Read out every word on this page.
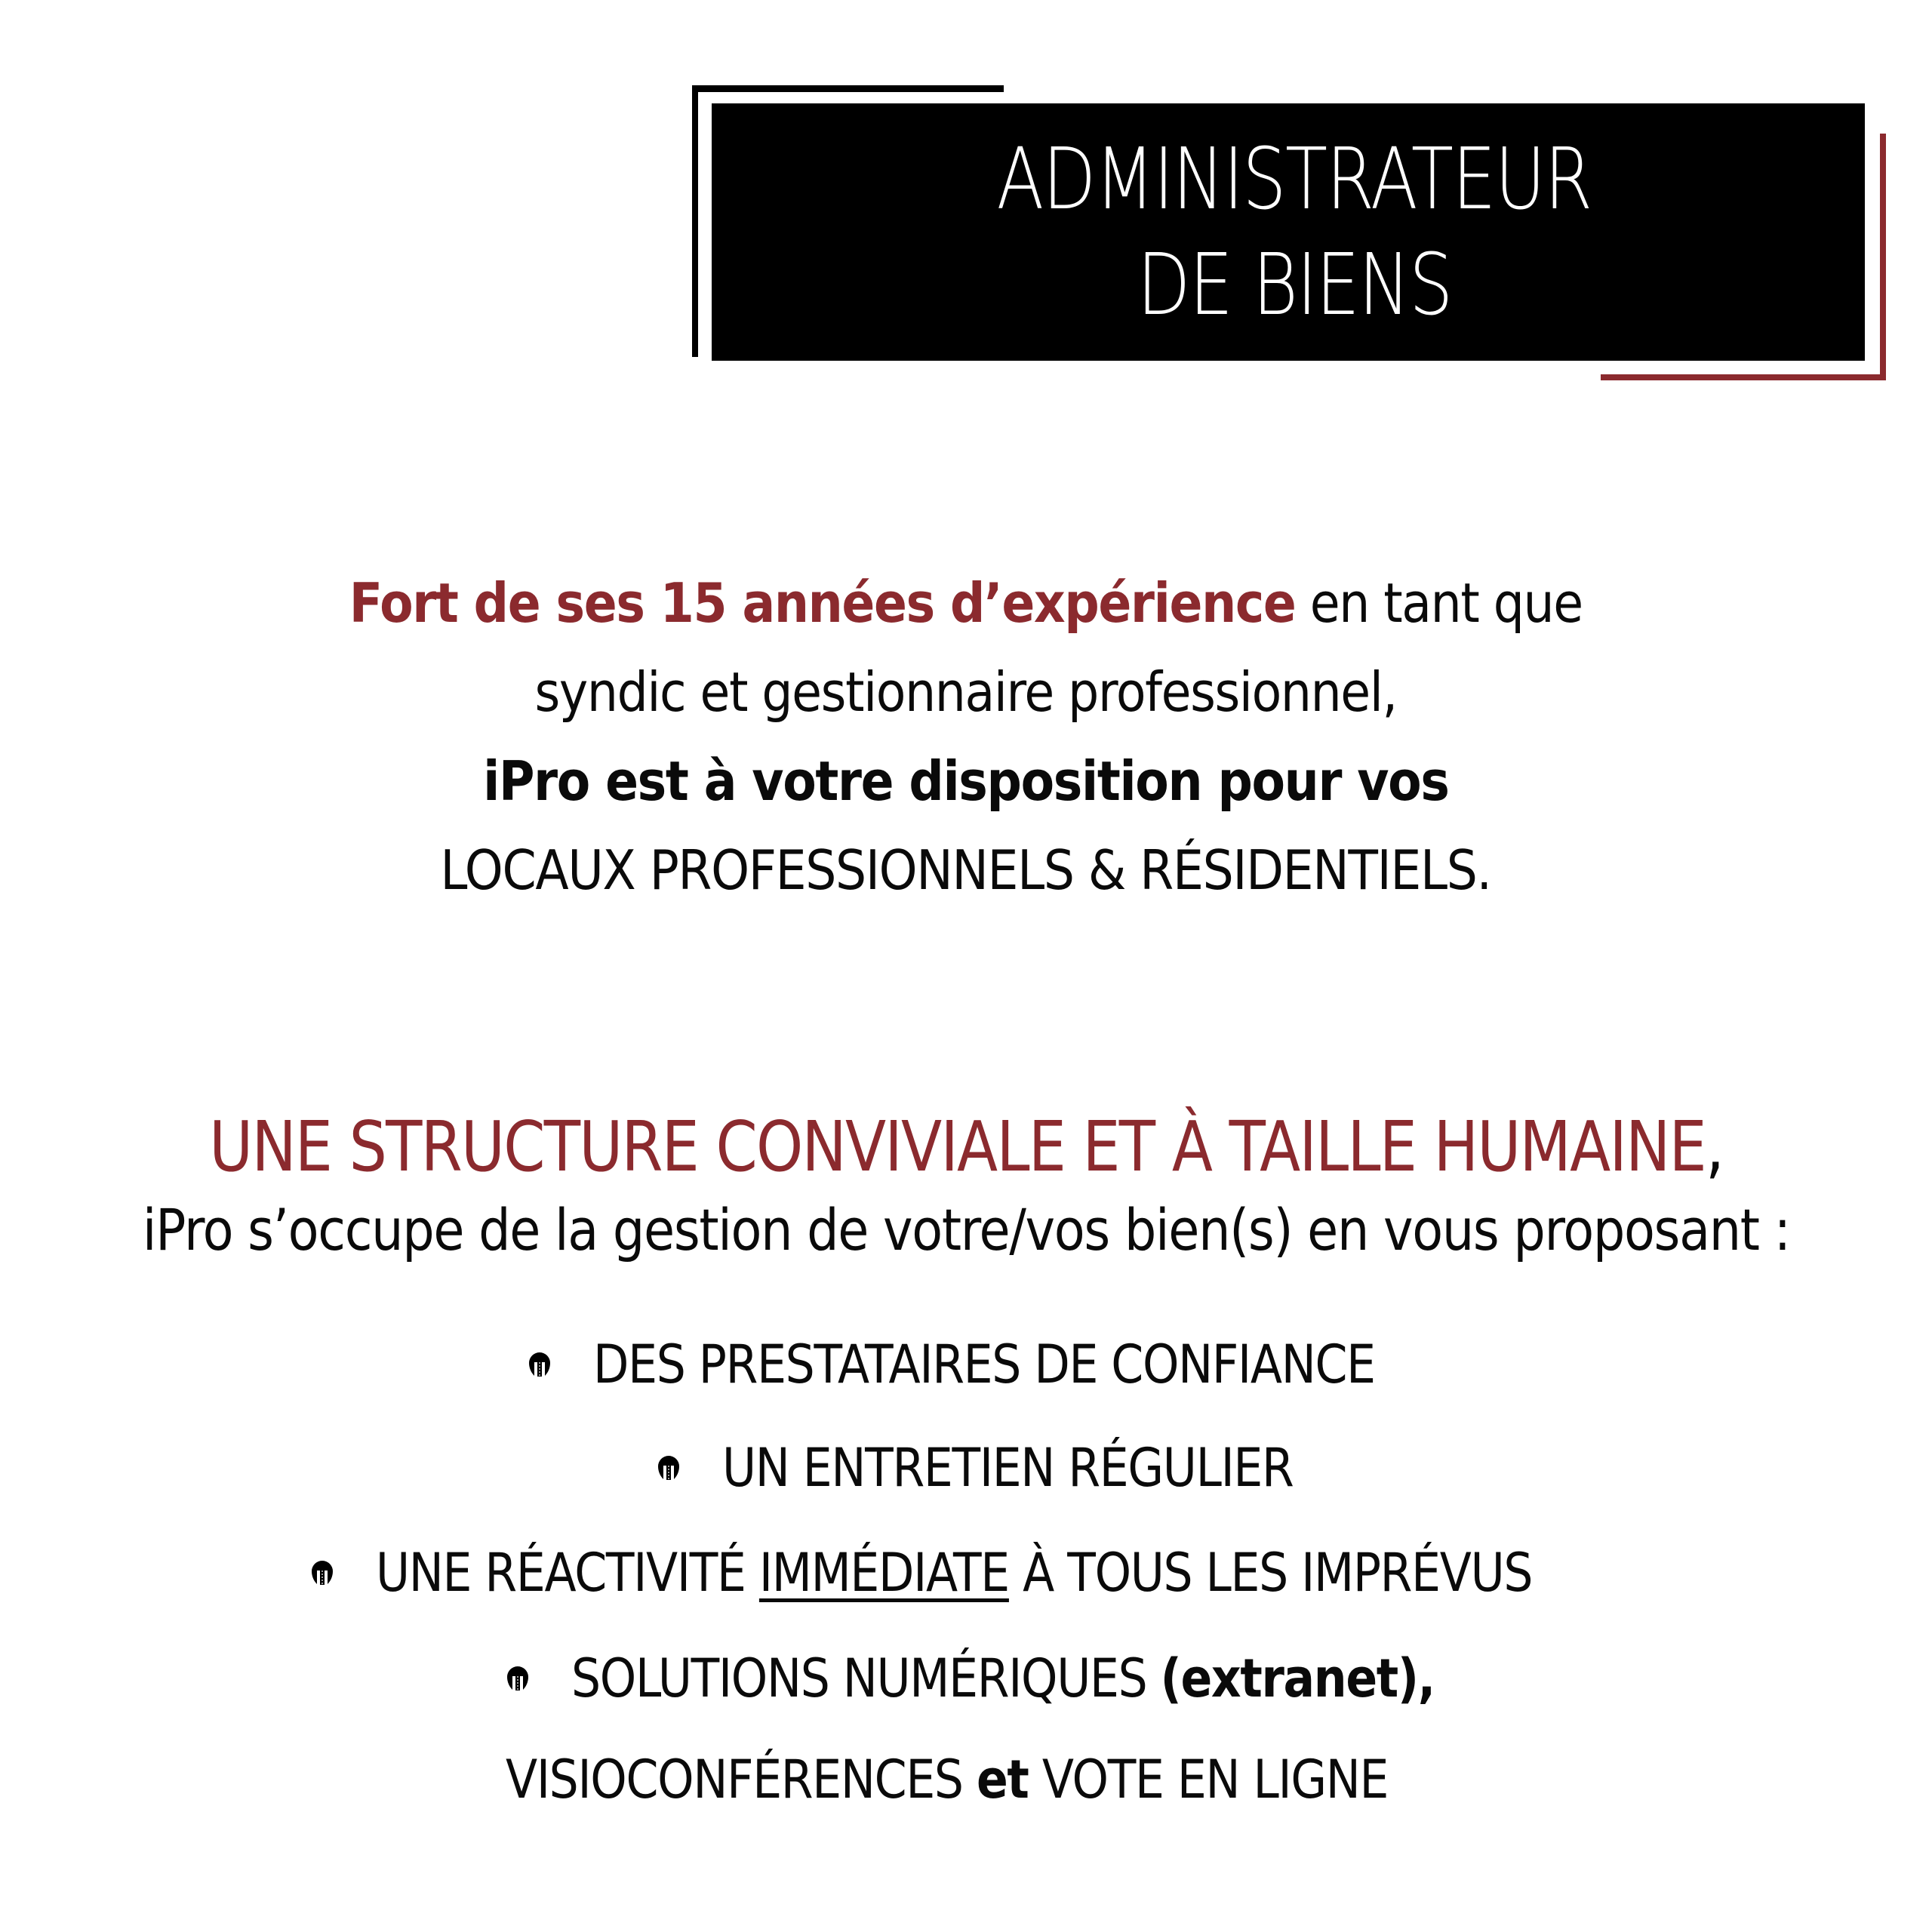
ADMINISTRATEUR
DE BIENS
Fort de ses 15 années d’expérience en tant que
syndic et gestionnaire professionnel,
iPro est à votre disposition pour vos
LOCAUX PROFESSIONNELS & RÉSIDENTIELS.
UNE STRUCTURE CONVIVIALE ET À TAILLE HUMAINE,
iPro s’occupe de la gestion de votre/vos bien(s) en vous proposant :
DES PRESTATAIRES DE CONFIANCE
UN ENTRETIEN RÉGULIER
UNE RÉACTIVITÉ IMMÉDIATE À TOUS LES IMPRÉVUS
SOLUTIONS NUMÉRIQUES (extranet),
VISIOCONFÉRENCES et VOTE EN LIGNE
